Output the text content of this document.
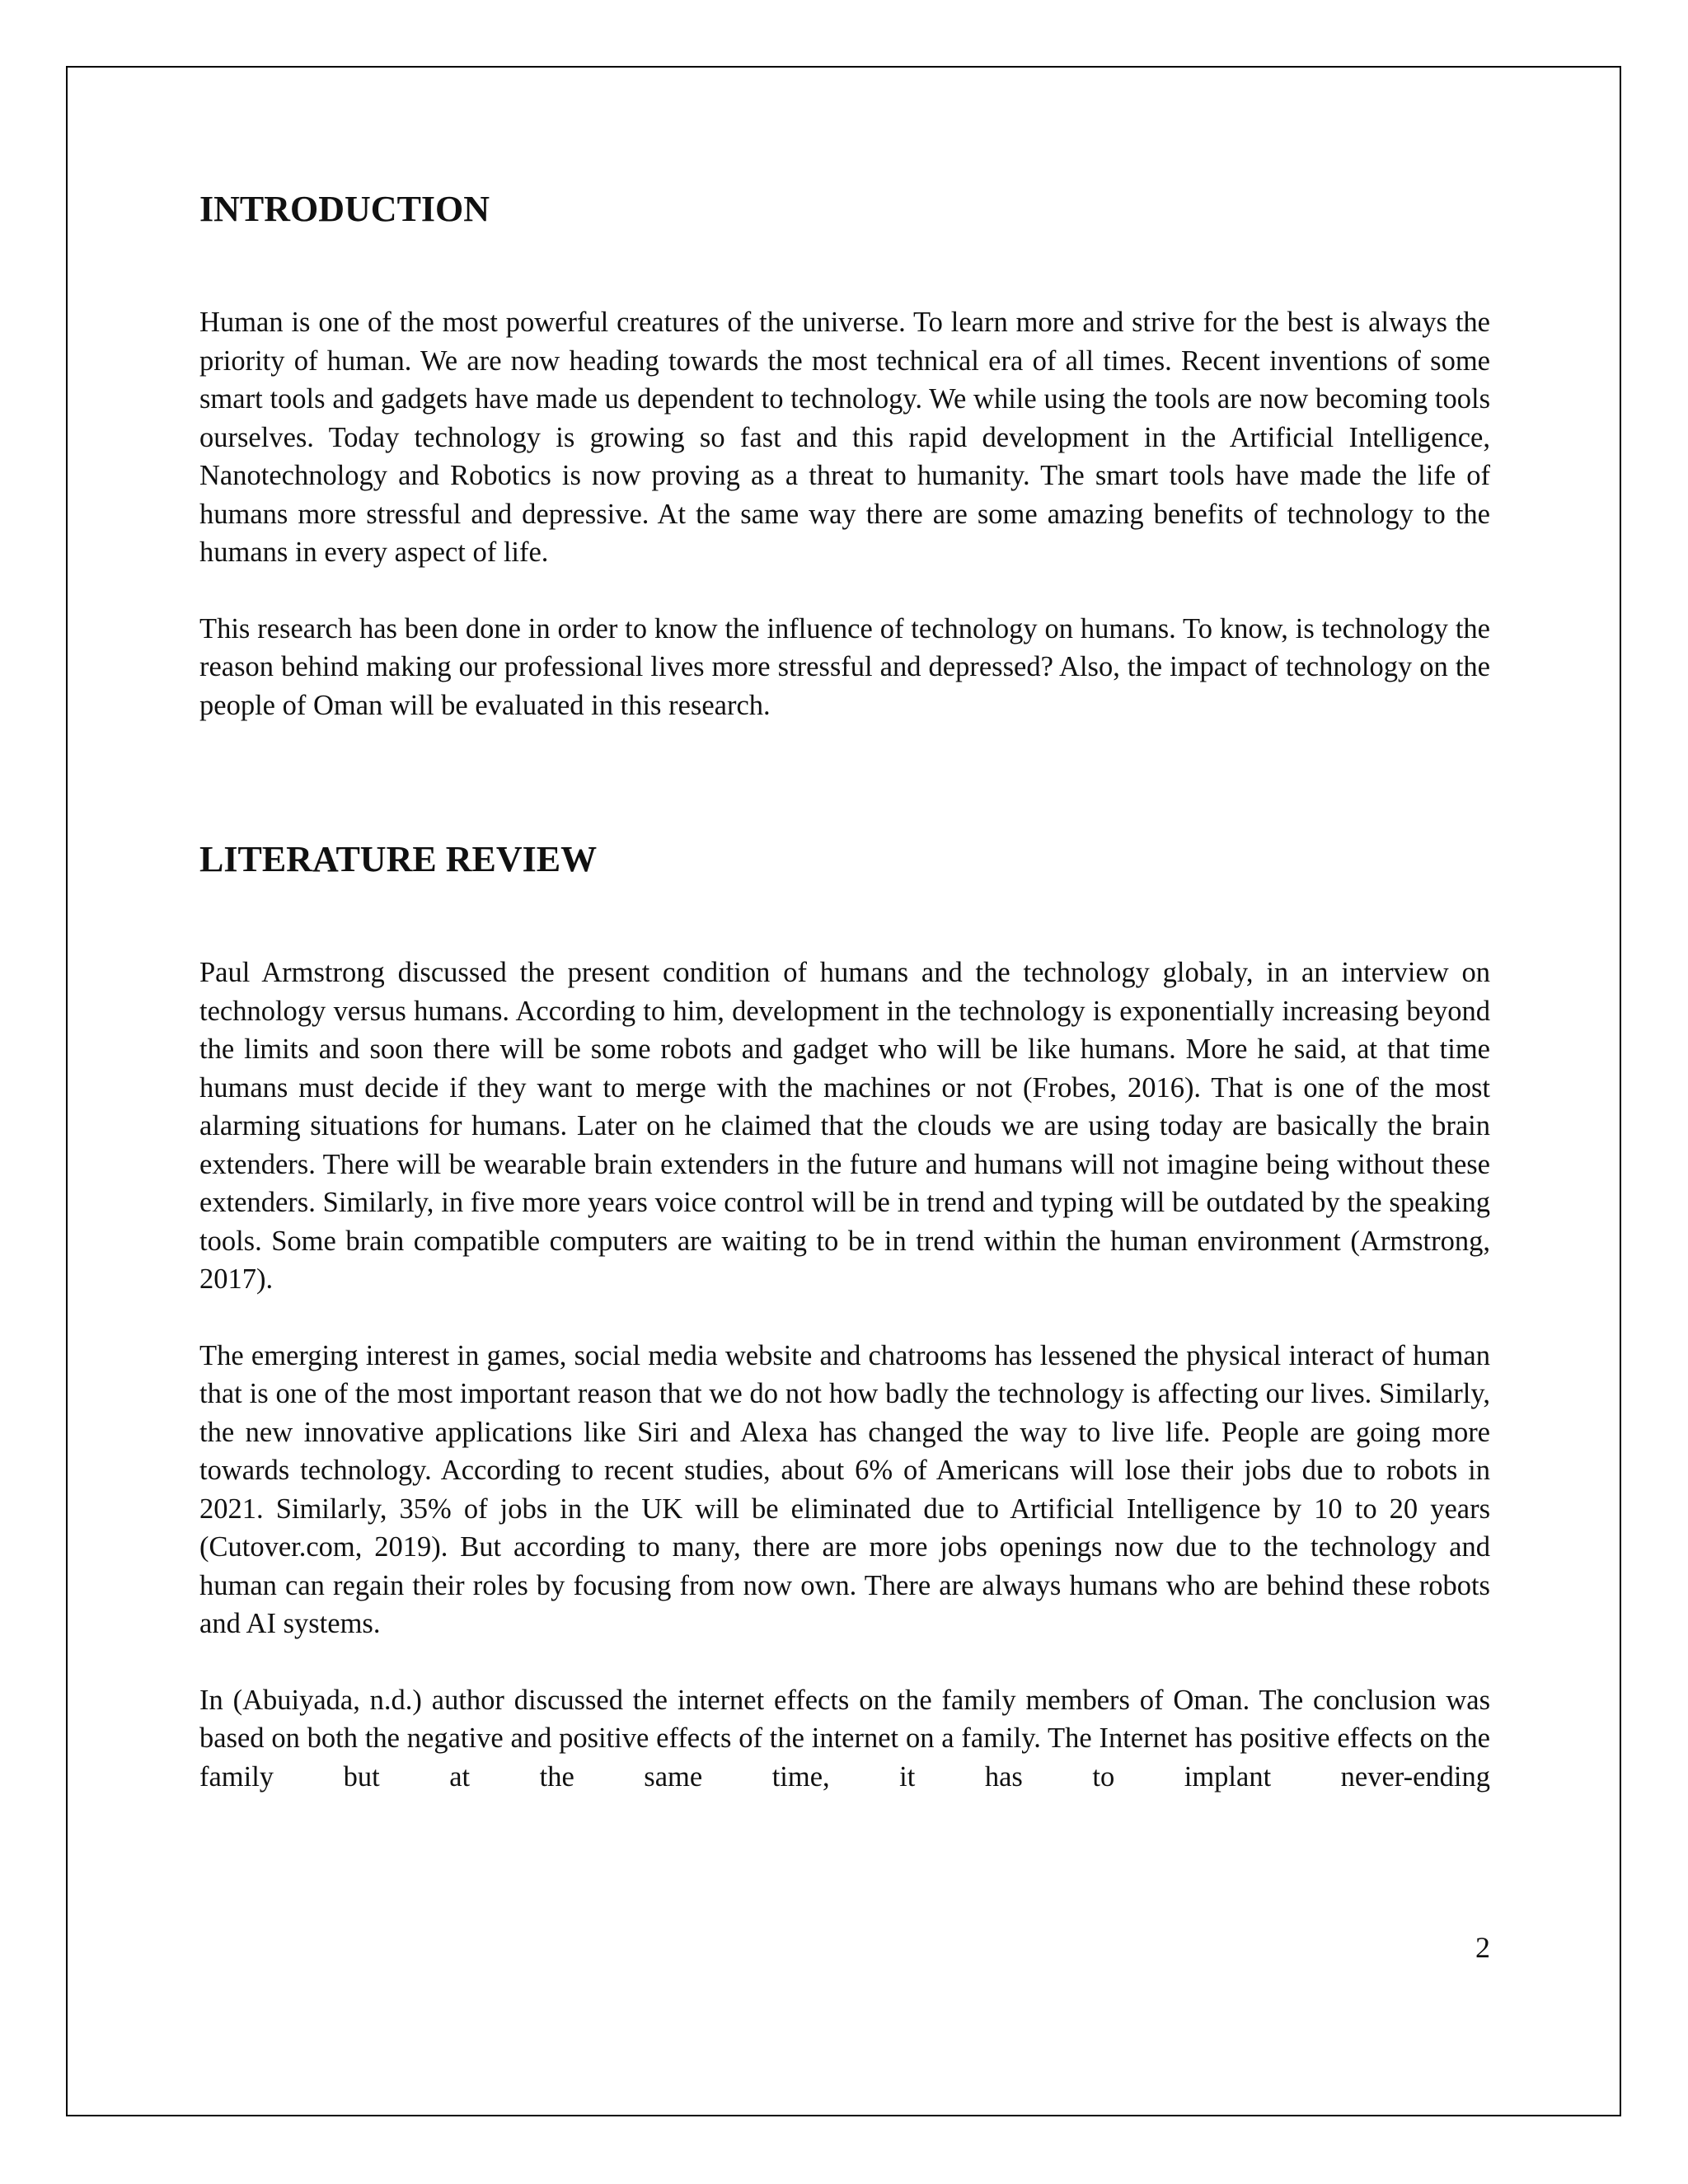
INTRODUCTION

Human is one of the most powerful creatures of the universe. To learn more and strive for the best is always the priority of human. We are now heading towards the most technical era of all times. Recent inventions of some smart tools and gadgets have made us dependent to technology. We while using the tools are now becoming tools ourselves. Today technology is growing so fast and this rapid development in the Artificial Intelligence, Nanotechnology and Robotics is now proving as a threat to humanity. The smart tools have made the life of humans more stressful and depressive. At the same way there are some amazing benefits of technology to the humans in every aspect of life.

This research has been done in order to know the influence of technology on humans. To know, is technology the reason behind making our professional lives more stressful and depressed? Also, the impact of technology on the people of Oman will be evaluated in this research.

LITERATURE REVIEW

Paul Armstrong discussed the present condition of humans and the technology globaly, in an interview on technology versus humans. According to him, development in the technology is exponentially increasing beyond the limits and soon there will be some robots and gadget who will be like humans. More he said, at that time humans must decide if they want to merge with the machines or not (Frobes, 2016). That is one of the most alarming situations for humans. Later on he claimed that the clouds we are using today are basically the brain extenders. There will be wearable brain extenders in the future and humans will not imagine being without these extenders. Similarly, in five more years voice control will be in trend and typing will be outdated by the speaking tools. Some brain compatible computers are waiting to be in trend within the human environment (Armstrong, 2017).

The emerging interest in games, social media website and chatrooms has lessened the physical interact of human that is one of the most important reason that we do not how badly the technology is affecting our lives. Similarly, the new innovative applications like Siri and Alexa has changed the way to live life. People are going more towards technology. According to recent studies, about 6% of Americans will lose their jobs due to robots in 2021. Similarly, 35% of jobs in the UK will be eliminated due to Artificial Intelligence by 10 to 20 years (Cutover.com, 2019). But according to many, there are more jobs openings now due to the technology and human can regain their roles by focusing from now own. There are always humans who are behind these robots and AI systems.

In (Abuiyada, n.d.) author discussed the internet effects on the family members of Oman. The conclusion was based on both the negative and positive effects of the internet on a family. The Internet has positive effects on the family but at the same time, it has to implant never-ending

2
